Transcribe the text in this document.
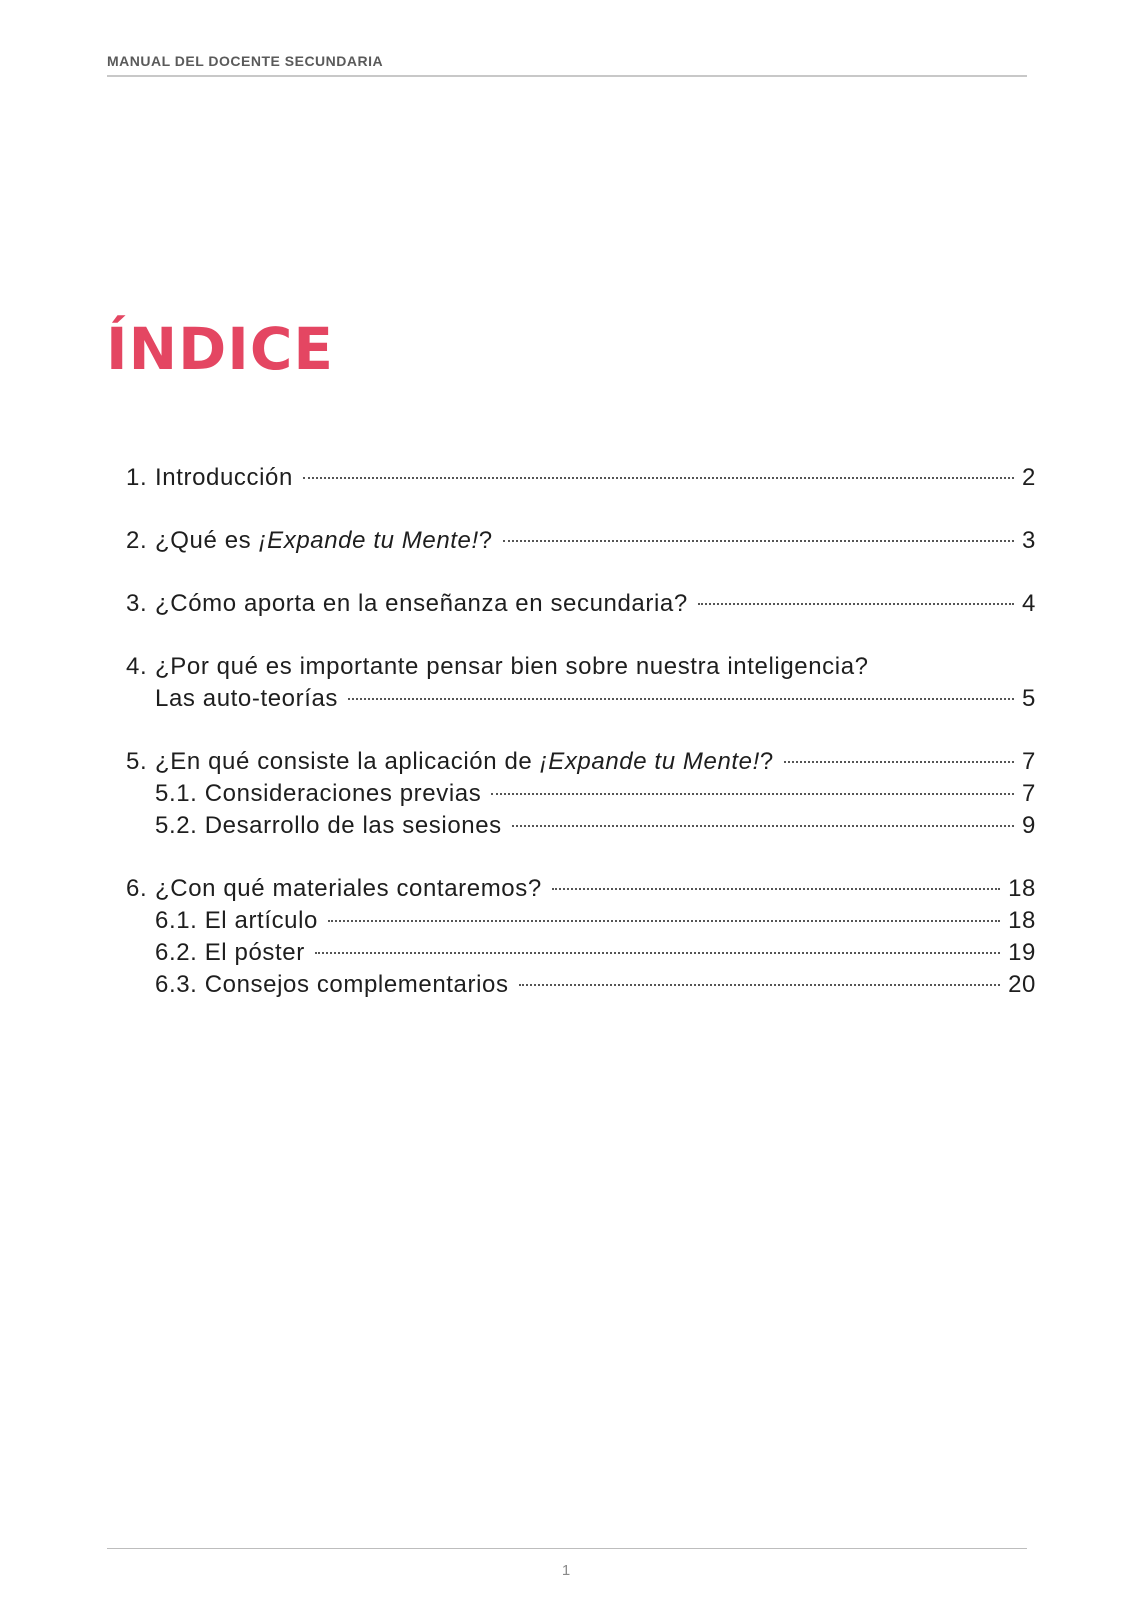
MANUAL DEL DOCENTE SECUNDARIA
ÍNDICE
1. Introducción	2
2. ¿Qué es ¡Expande tu Mente!?	3
3. ¿Cómo aporta en la enseñanza en secundaria?	4
4. ¿Por qué es importante pensar bien sobre nuestra inteligencia?
Las auto-teorías	5
5. ¿En qué consiste la aplicación de ¡Expande tu Mente!?	7
5.1. Consideraciones previas	7
5.2. Desarrollo de las sesiones	9
6. ¿Con qué materiales contaremos?	18
6.1. El artículo	18
6.2. El póster	19
6.3. Consejos complementarios	20
1
